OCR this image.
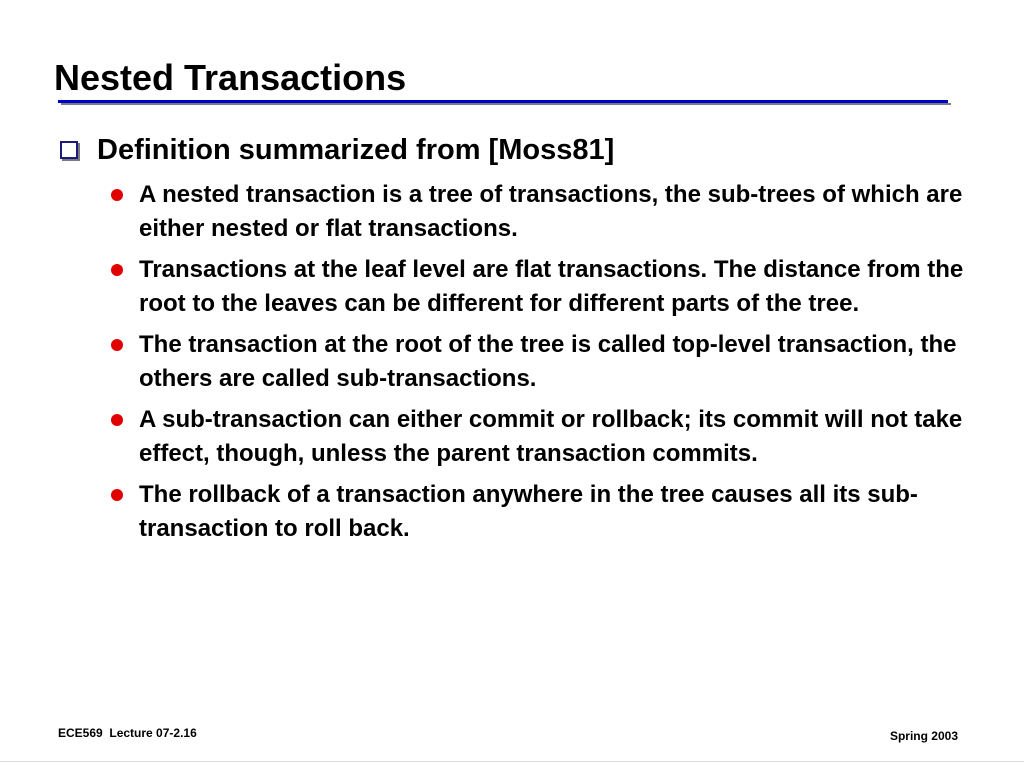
Nested Transactions
Definition summarized from [Moss81]
A nested transaction is a tree of transactions, the sub-trees of which are either nested or flat transactions.
Transactions at the leaf level are flat transactions. The distance from the root to the leaves can be different for different parts of the tree.
The transaction at the root of the tree is called top-level transaction, the others are called sub-transactions.
A sub-transaction can either commit or rollback; its commit will not take effect, though, unless the parent transaction commits.
The rollback of a transaction anywhere in the tree causes all its sub-transaction to roll back.
ECE569  Lecture 07-2.16	Spring 2003
